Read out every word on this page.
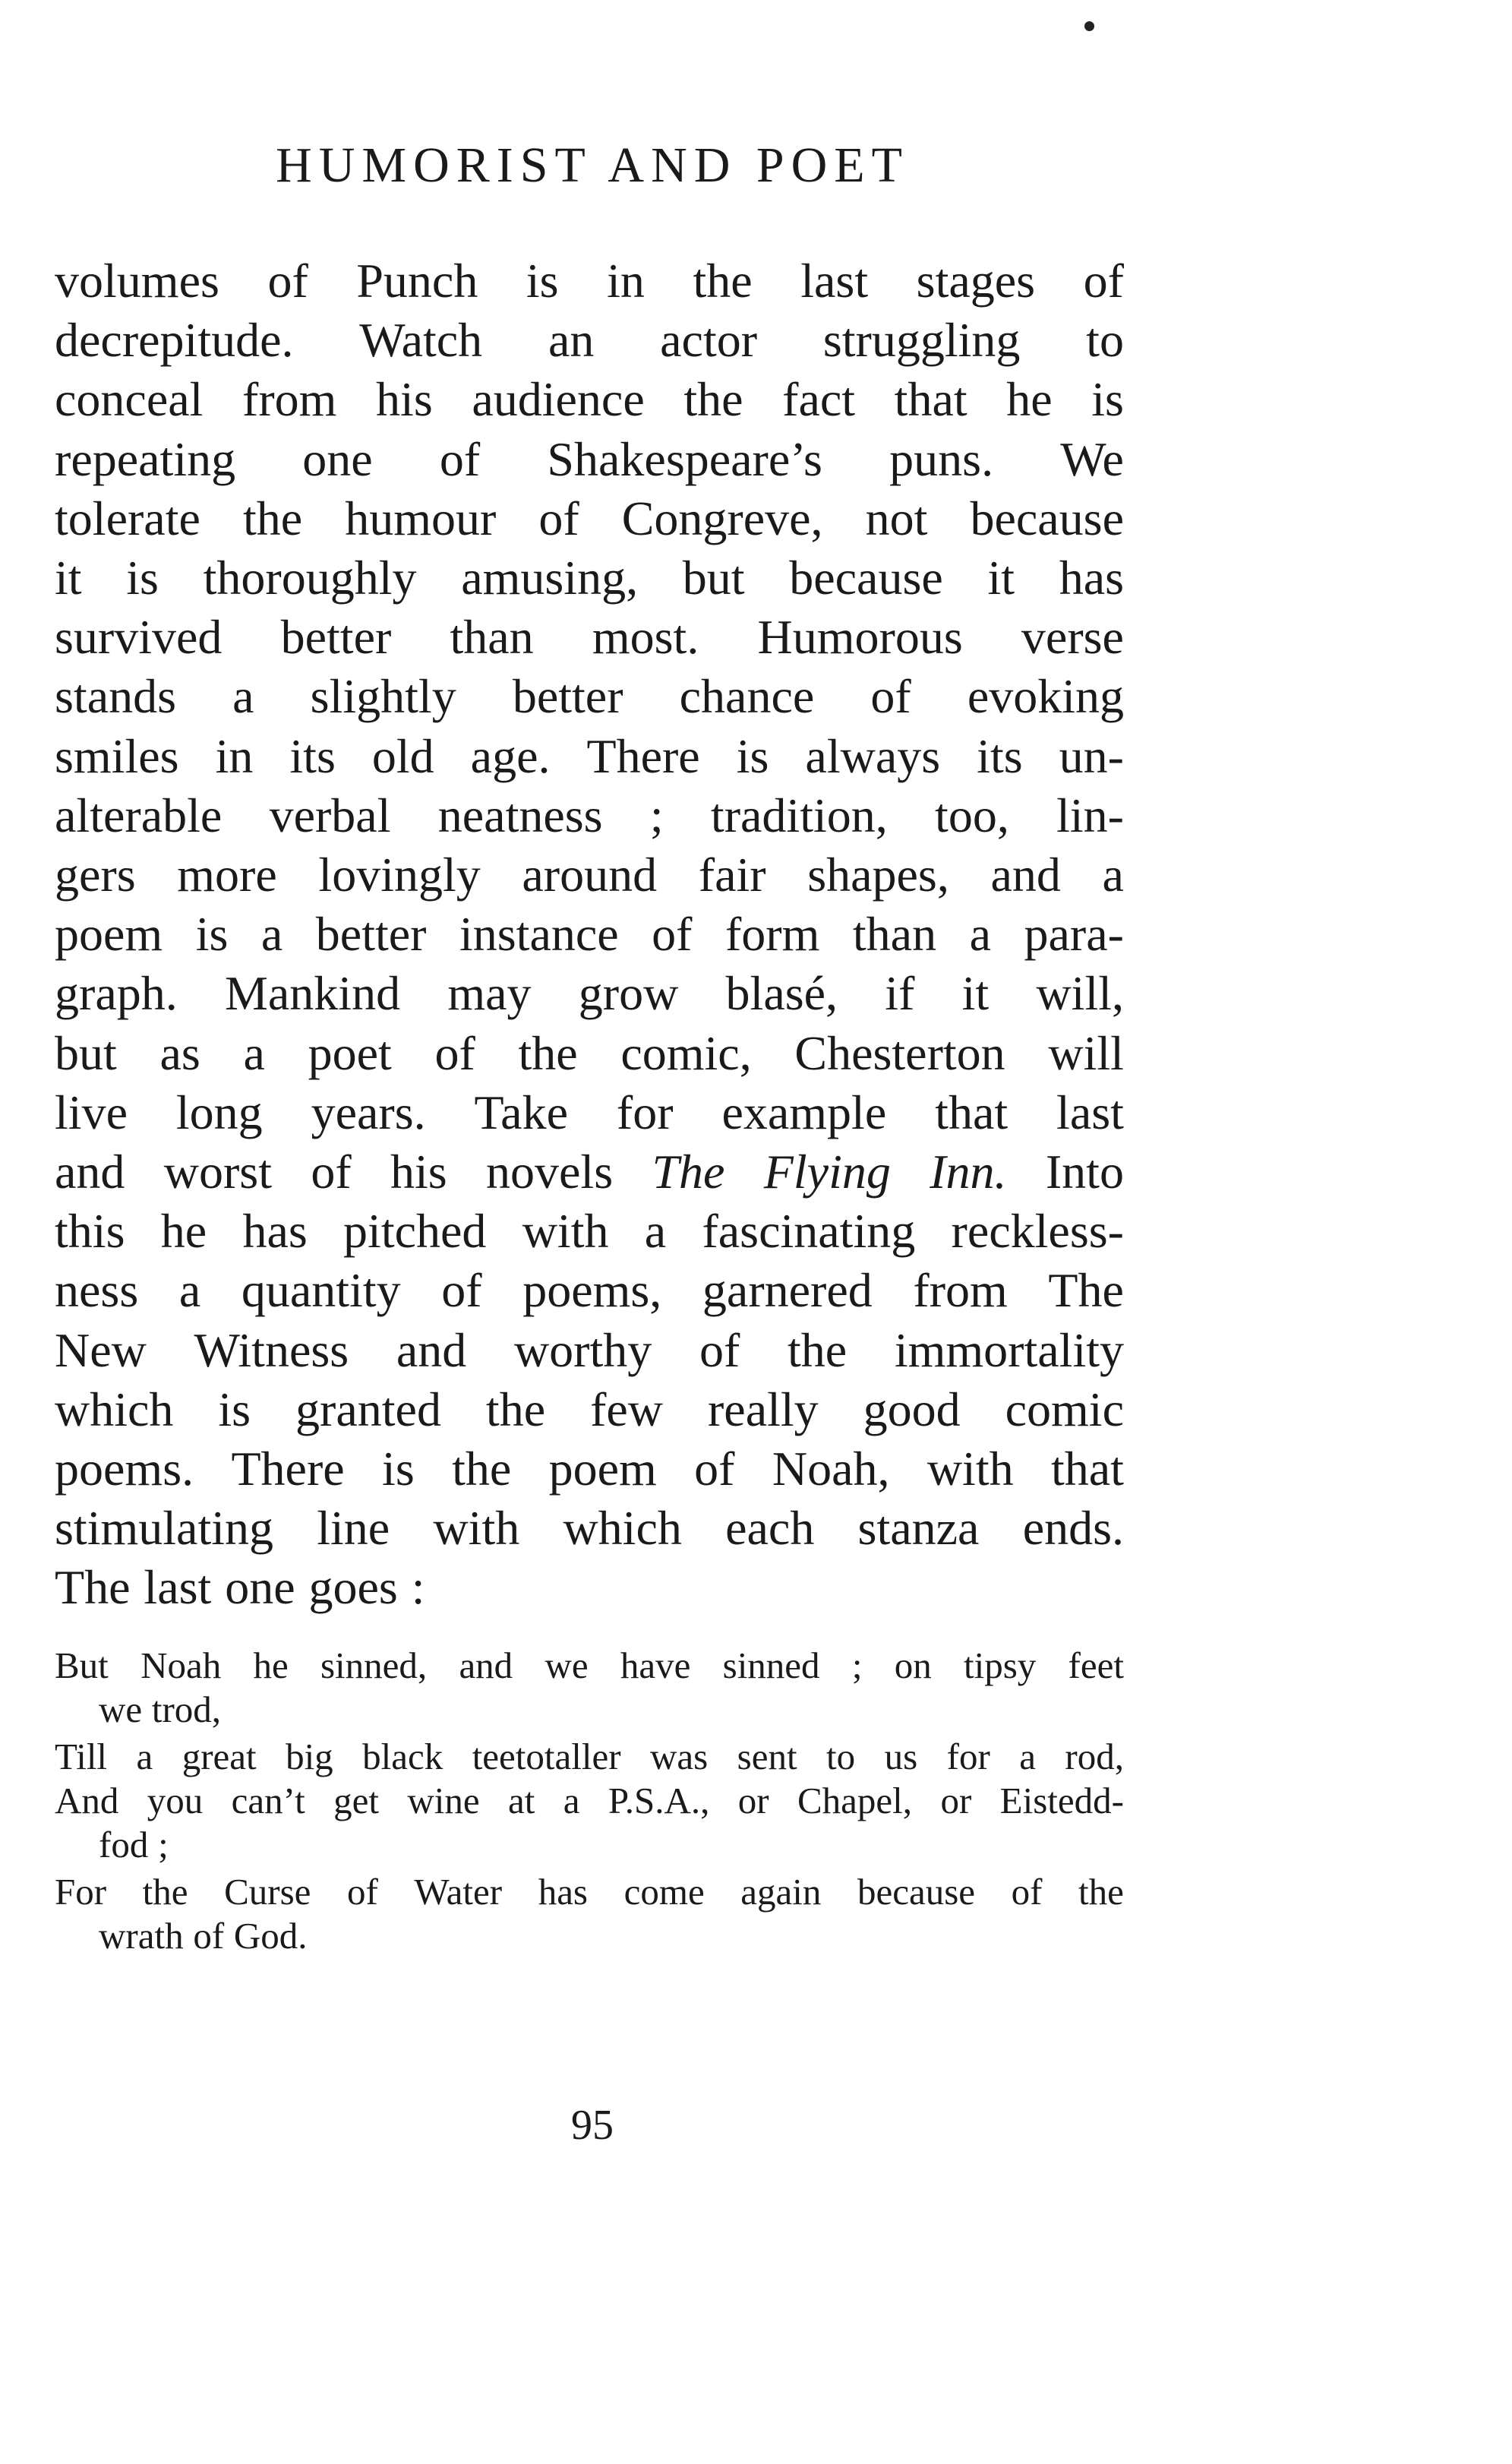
HUMORIST AND POET
volumes of Punch is in the last stages of
decrepitude. Watch an actor struggling to
conceal from his audience the fact that he is
repeating one of Shakespeare’s puns. We
tolerate the humour of Congreve, not because
it is thoroughly amusing, but because it has
survived better than most. Humorous verse
stands a slightly better chance of evoking
smiles in its old age. There is always its un-
alterable verbal neatness ; tradition, too, lin-
gers more lovingly around fair shapes, and a
poem is a better instance of form than a para-
graph. Mankind may grow blasé, if it will,
but as a poet of the comic, Chesterton will
live long years. Take for example that last
and worst of his novels The Flying Inn. Into
this he has pitched with a fascinating reckless-
ness a quantity of poems, garnered from The
New Witness and worthy of the immortality
which is granted the few really good comic
poems. There is the poem of Noah, with that
stimulating line with which each stanza ends.
The last one goes :
But Noah he sinned, and we have sinned ; on tipsy feet
we trod,
Till a great big black teetotaller was sent to us for a rod,
And you can’t get wine at a P.S.A., or Chapel, or Eistedd-
fod ;
For the Curse of Water has come again because of the
wrath of God.
95
